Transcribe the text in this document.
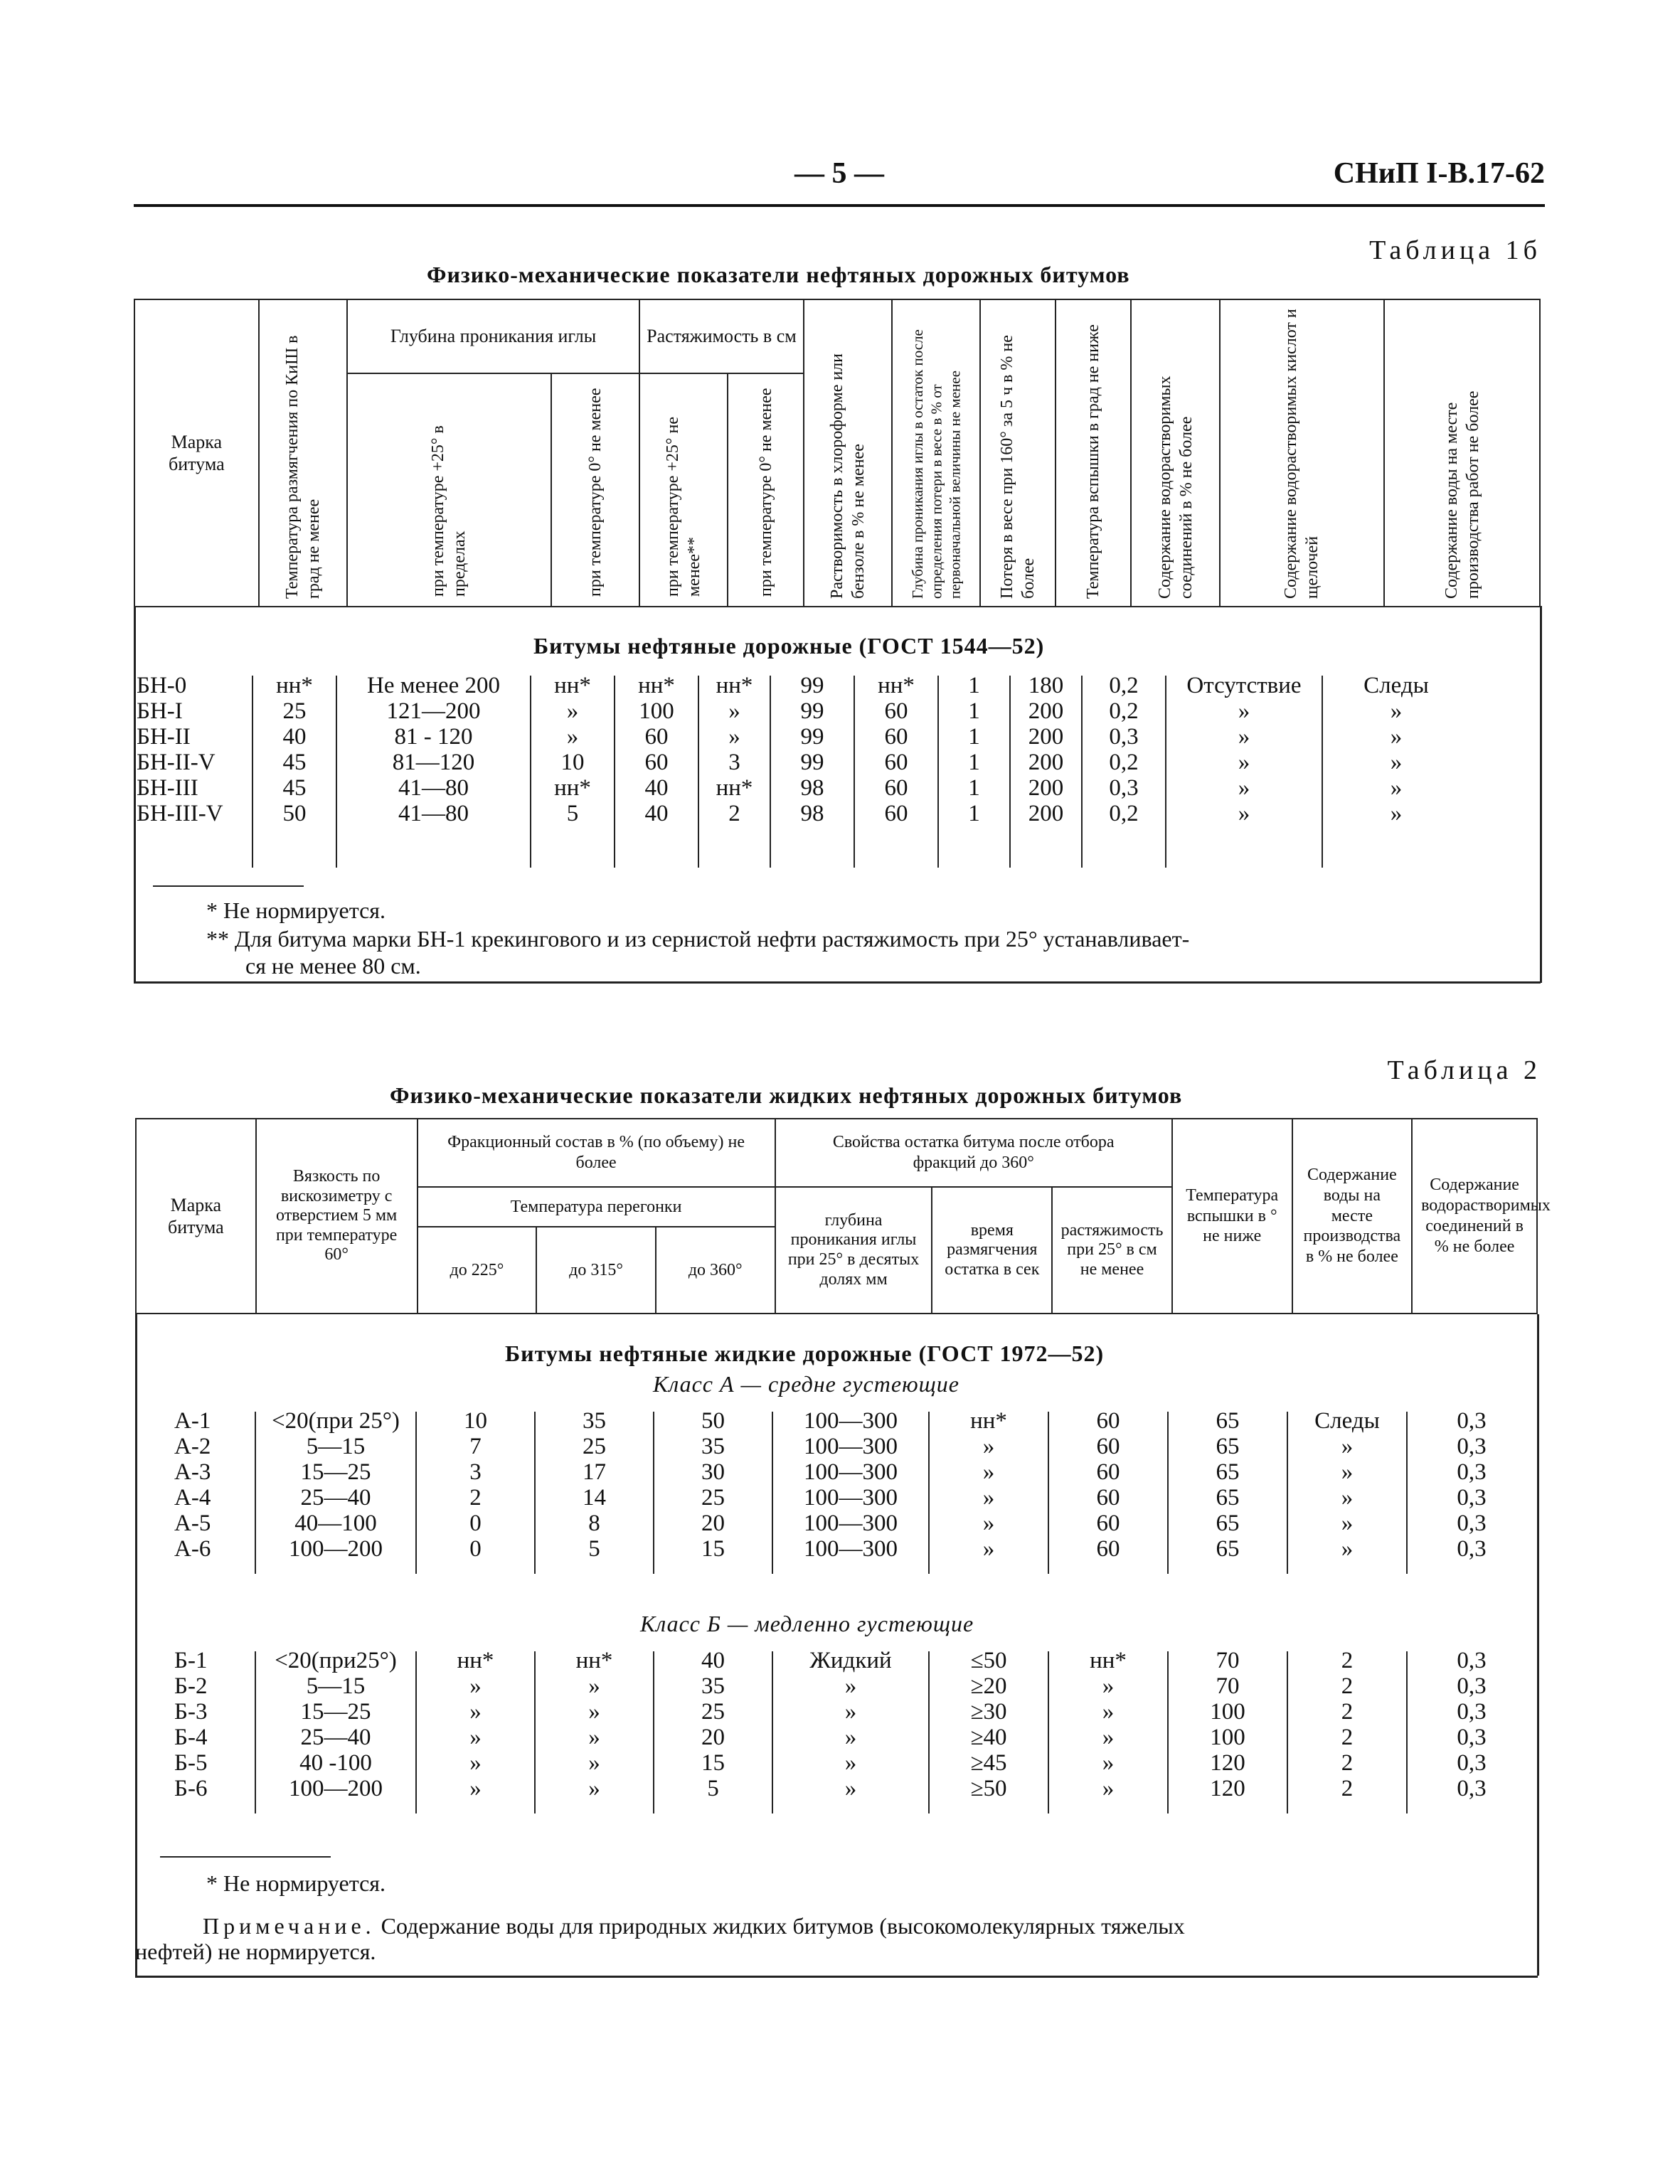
— 5 —	СНиП I-В.17-62
Таблица 1б
Физико-механические показатели нефтяных дорожных битумов
Марка битума	Температура размягчения по КиШ в град не менее	Глубина проникания иглы		Растяжимость в см		Растворимость в хлороформе или бензоле в % не менее	Глубина проникания иглы в остаток после определения потери в весе в % от первоначальной величины не менее	Потеря в весе при 160° за 5 ч в % не более	Температура вспышки в град не ниже	Содержание водорастворимых соединений в % не более	Содержание водорастворимых кислот и щелочей	Содержание воды на месте производства работ не более

		при температуре +25° в пределах	при температуре 0° не менее	при температуре +25° не менее**	при температуре 0° не менее							
Битумы нефтяные дорожные (ГОСТ 1544—52)
БН-0	нн*	Не менее 200	нн*	нн*	нн*	99	нн*	1	180	0,2	Отсутствие	Следы
БН-I	25	121—200	»	100	»	99	60	1	200	0,2	»	»
БН-II	40	81 - 120	»	60	»	99	60	1	200	0,3	»	»
БН-II-V	45	81—120	10	60	3	99	60	1	200	0,2	»	»
БН-III	45	41—80	нн*	40	нн*	98	60	1	200	0,3	»	»
БН-III-V	50	41—80	5	40	2	98	60	1	200	0,2	»	»
* Не нормируется.
** Для битума марки БН-1 крекингового и из сернистой нефти растяжимость при 25° устанавливает-
ся не менее 80 см.
Таблица 2
Физико-механические показатели жидких нефтяных дорожных битумов
Марка битума	Вязкость по вискозиметру с отверстием 5 мм при температуре 60°	Фракционный состав в % (по объему) не более			Свойства остатка битума после отбора фракций до 360°			Температура вспышки в ° не ниже	Содержание воды на месте производства в % не более	Содержание водорастворимых соединений в % не более
		Температура перегонки			глубина проникания иглы при 25° в десятых долях мм	время размягчения остатка в сек	растяжимость при 25° в см не менее			
		до 225°	до 315°	до 360°						
Битумы нефтяные жидкие дорожные (ГОСТ 1972—52)
Класс А — средне густеющие
А-1	<20(при 25°)	10	35	50	100—300	нн*	60	65	Следы	0,3
А-2	5—15	7	25	35	100—300	»	60	65	»	0,3
А-3	15—25	3	17	30	100—300	»	60	65	»	0,3
А-4	25—40	2	14	25	100—300	»	60	65	»	0,3
А-5	40—100	0	8	20	100—300	»	60	65	»	0,3
А-6	100—200	0	5	15	100—300	»	60	65	»	0,3
Класс Б — медленно густеющие
Б-1	<20(при25°)	нн*	нн*	40	Жидкий	≤50	нн*	70	2	0,3
Б-2	5—15	»	»	35	»	≥20	»	70	2	0,3
Б-3	15—25	»	»	25	»	≥30	»	100	2	0,3
Б-4	25—40	»	»	20	»	≥40	»	100	2	0,3
Б-5	40 -100	»	»	15	»	≥45	»	120	2	0,3
Б-6	100—200	»	»	5	»	≥50	»	120	2	0,3
* Не нормируется.
Примечание. Содержание воды для природных жидких битумов (высокомолекулярных тяжелых
нефтей) не нормируется.
